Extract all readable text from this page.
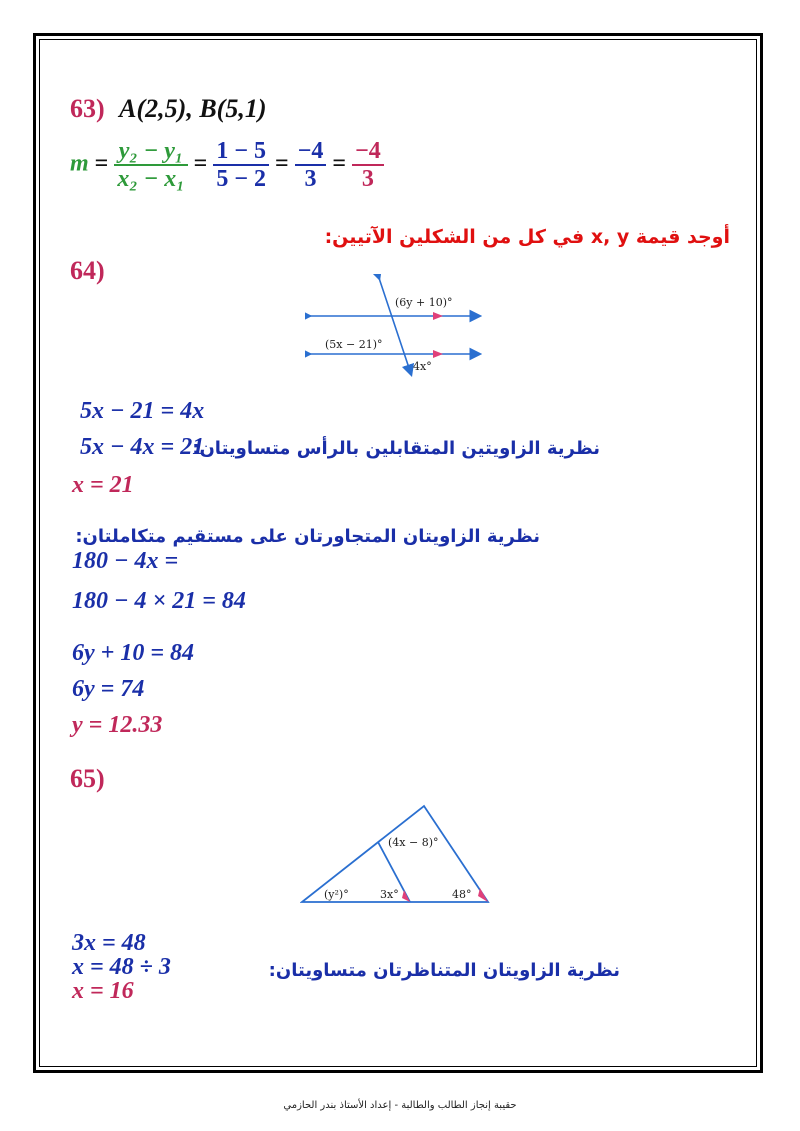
63) A(2,5), B(5,1)
$m = \frac{\text{y₂ − y₁}}{\text{x₂ − x₁}} = \frac{1 - 5}{5 - 2} = \frac{-4}{3} = \frac{-4}{3}$
أوجد قيمة x, y في كل من الشكلين الآتيين:
64)
(6y + 10)°
(5x − 21)°
4x°
5x − 21 = 4x
5x − 4x = 21
نظرية الزاويتين المتقابلين بالرأس متساويتان:
x = 21
نظرية الزاويتان المتجاورتان على مستقيم متكاملتان:
180 − 4x =
180 − 4 × 21 = 84
6y + 10 = 84
6y = 74
y = 12.33
65)
(4x − 8)°
(y²)°	3x°	48°
3x = 48
x = 48 ÷ 3
x = 16
نظرية الزاويتان المتناظرتان متساويتان:
حقيبة إنجاز الطالب والطالبة - إعداد الأستاذ بندر الحازمي
